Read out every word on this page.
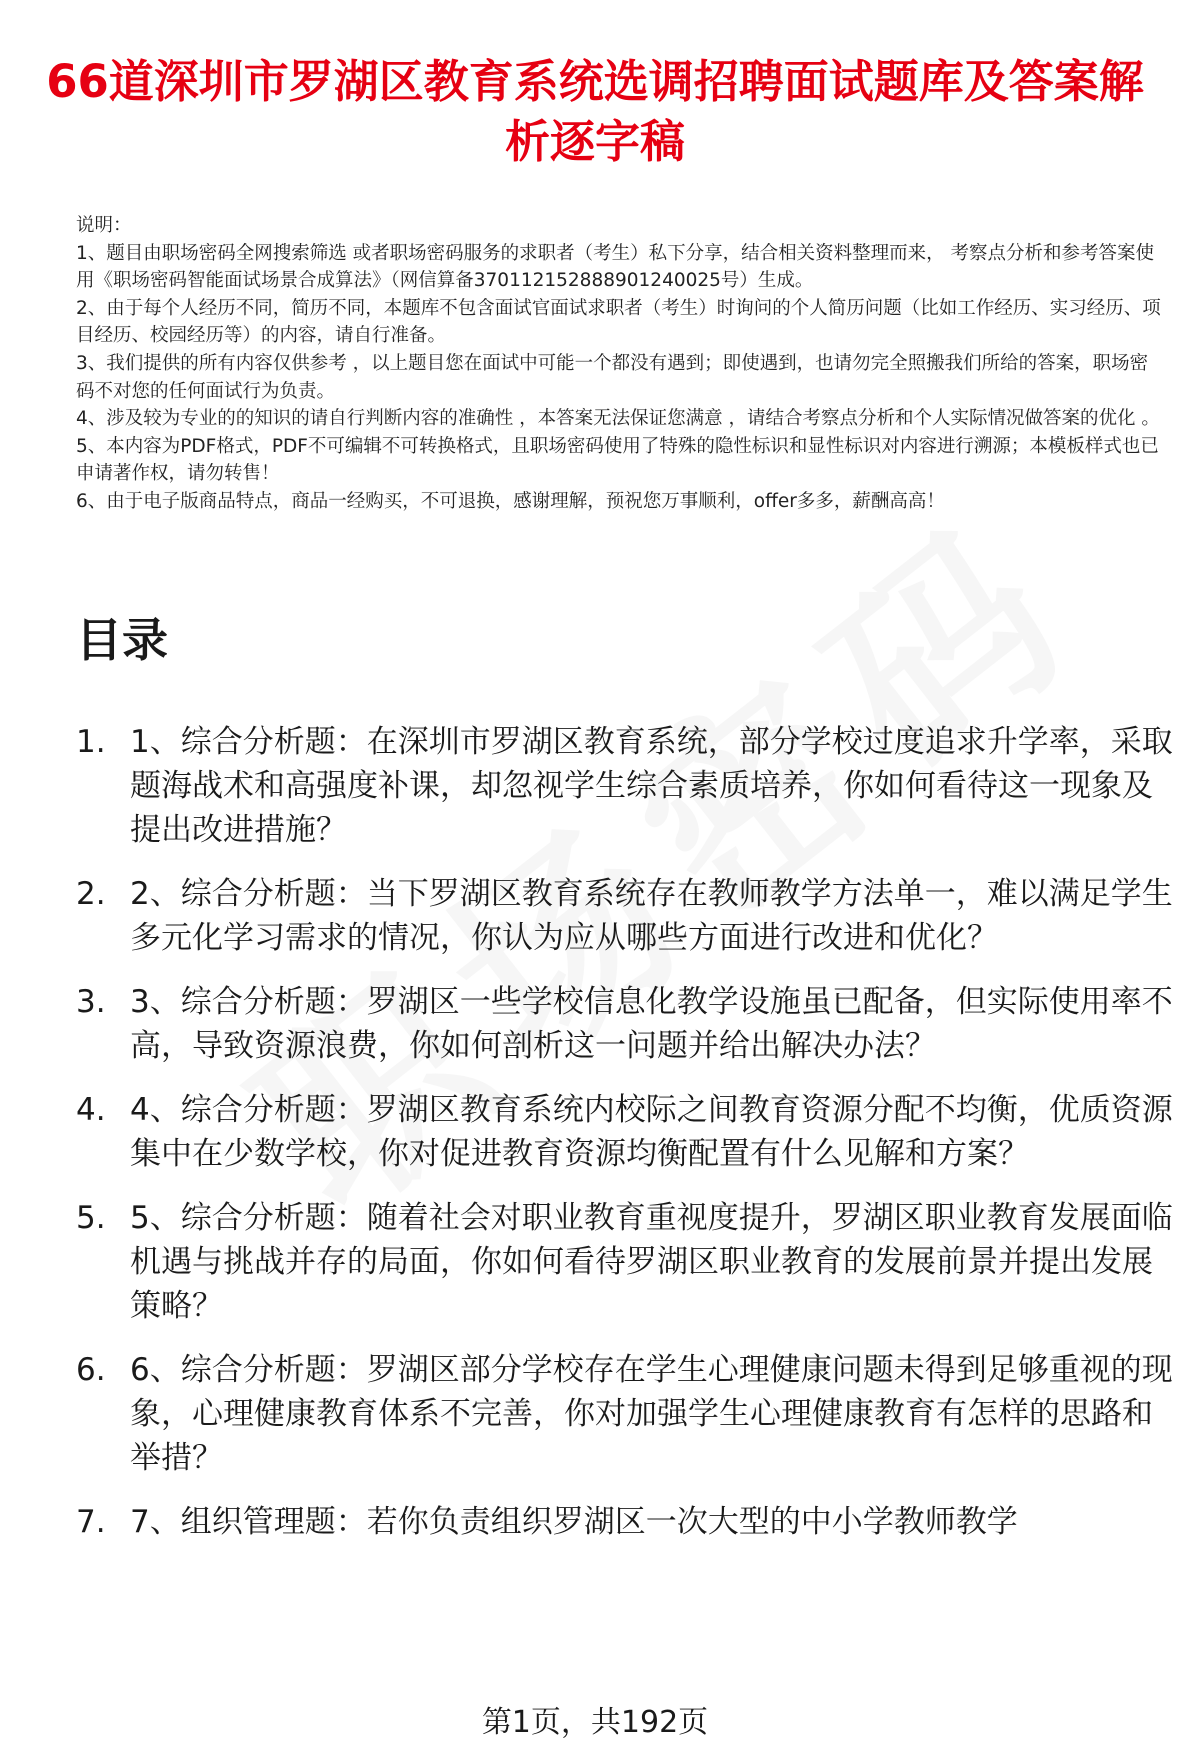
66道深圳市罗湖区教育系统选调招聘面试题库及答案解析逐字稿

说明：

1、题目由职场密码全网搜索筛选 或者职场密码服务的求职者（考生）私下分享，结合相关资料整理而来， 考察点分析和参考答案使用《职场密码智能面试场景合成算法》（网信算备370112152888901240025号）生成。

2、由于每个人经历不同，简历不同，本题库不包含面试官面试求职者（考生）时询问的个人简历问题（比如工作经历、实习经历、项目经历、校园经历等）的内容，请自行准备。

3、我们提供的所有内容仅供参考 ，以上题目您在面试中可能一个都没有遇到；即使遇到，也请勿完全照搬我们所给的答案，职场密码不对您的任何面试行为负责。

4、涉及较为专业的的知识的请自行判断内容的准确性 ，本答案无法保证您满意 ，请结合考察点分析和个人实际情况做答案的优化 。

5、本内容为PDF格式，PDF不可编辑不可转换格式，且职场密码使用了特殊的隐性标识和显性标识对内容进行溯源；本模板样式也已申请著作权，请勿转售！

6、由于电子版商品特点，商品一经购买，不可退换，感谢理解，预祝您万事顺利，offer多多，薪酬高高！

目录
1. 1、综合分析题：在深圳市罗湖区教育系统，部分学校过度追求升学率，采取题海战术和高强度补课，却忽视学生综合素质培养，你如何看待这一现象及提出改进措施？
2. 2、综合分析题：当下罗湖区教育系统存在教师教学方法单一，难以满足学生多元化学习需求的情况，你认为应从哪些方面进行改进和优化？
3. 3、综合分析题：罗湖区一些学校信息化教学设施虽已配备，但实际使用率不高，导致资源浪费，你如何剖析这一问题并给出解决办法？
4. 4、综合分析题：罗湖区教育系统内校际之间教育资源分配不均衡，优质资源集中在少数学校，你对促进教育资源均衡配置有什么见解和方案？
5. 5、综合分析题：随着社会对职业教育重视度提升，罗湖区职业教育发展面临机遇与挑战并存的局面，你如何看待罗湖区职业教育的发展前景并提出发展策略？
6. 6、综合分析题：罗湖区部分学校存在学生心理健康问题未得到足够重视的现象，心理健康教育体系不完善，你对加强学生心理健康教育有怎样的思路和举措？
7. 7、组织管理题：若你负责组织罗湖区一次大型的中小学教师教学
第1页，共192页
